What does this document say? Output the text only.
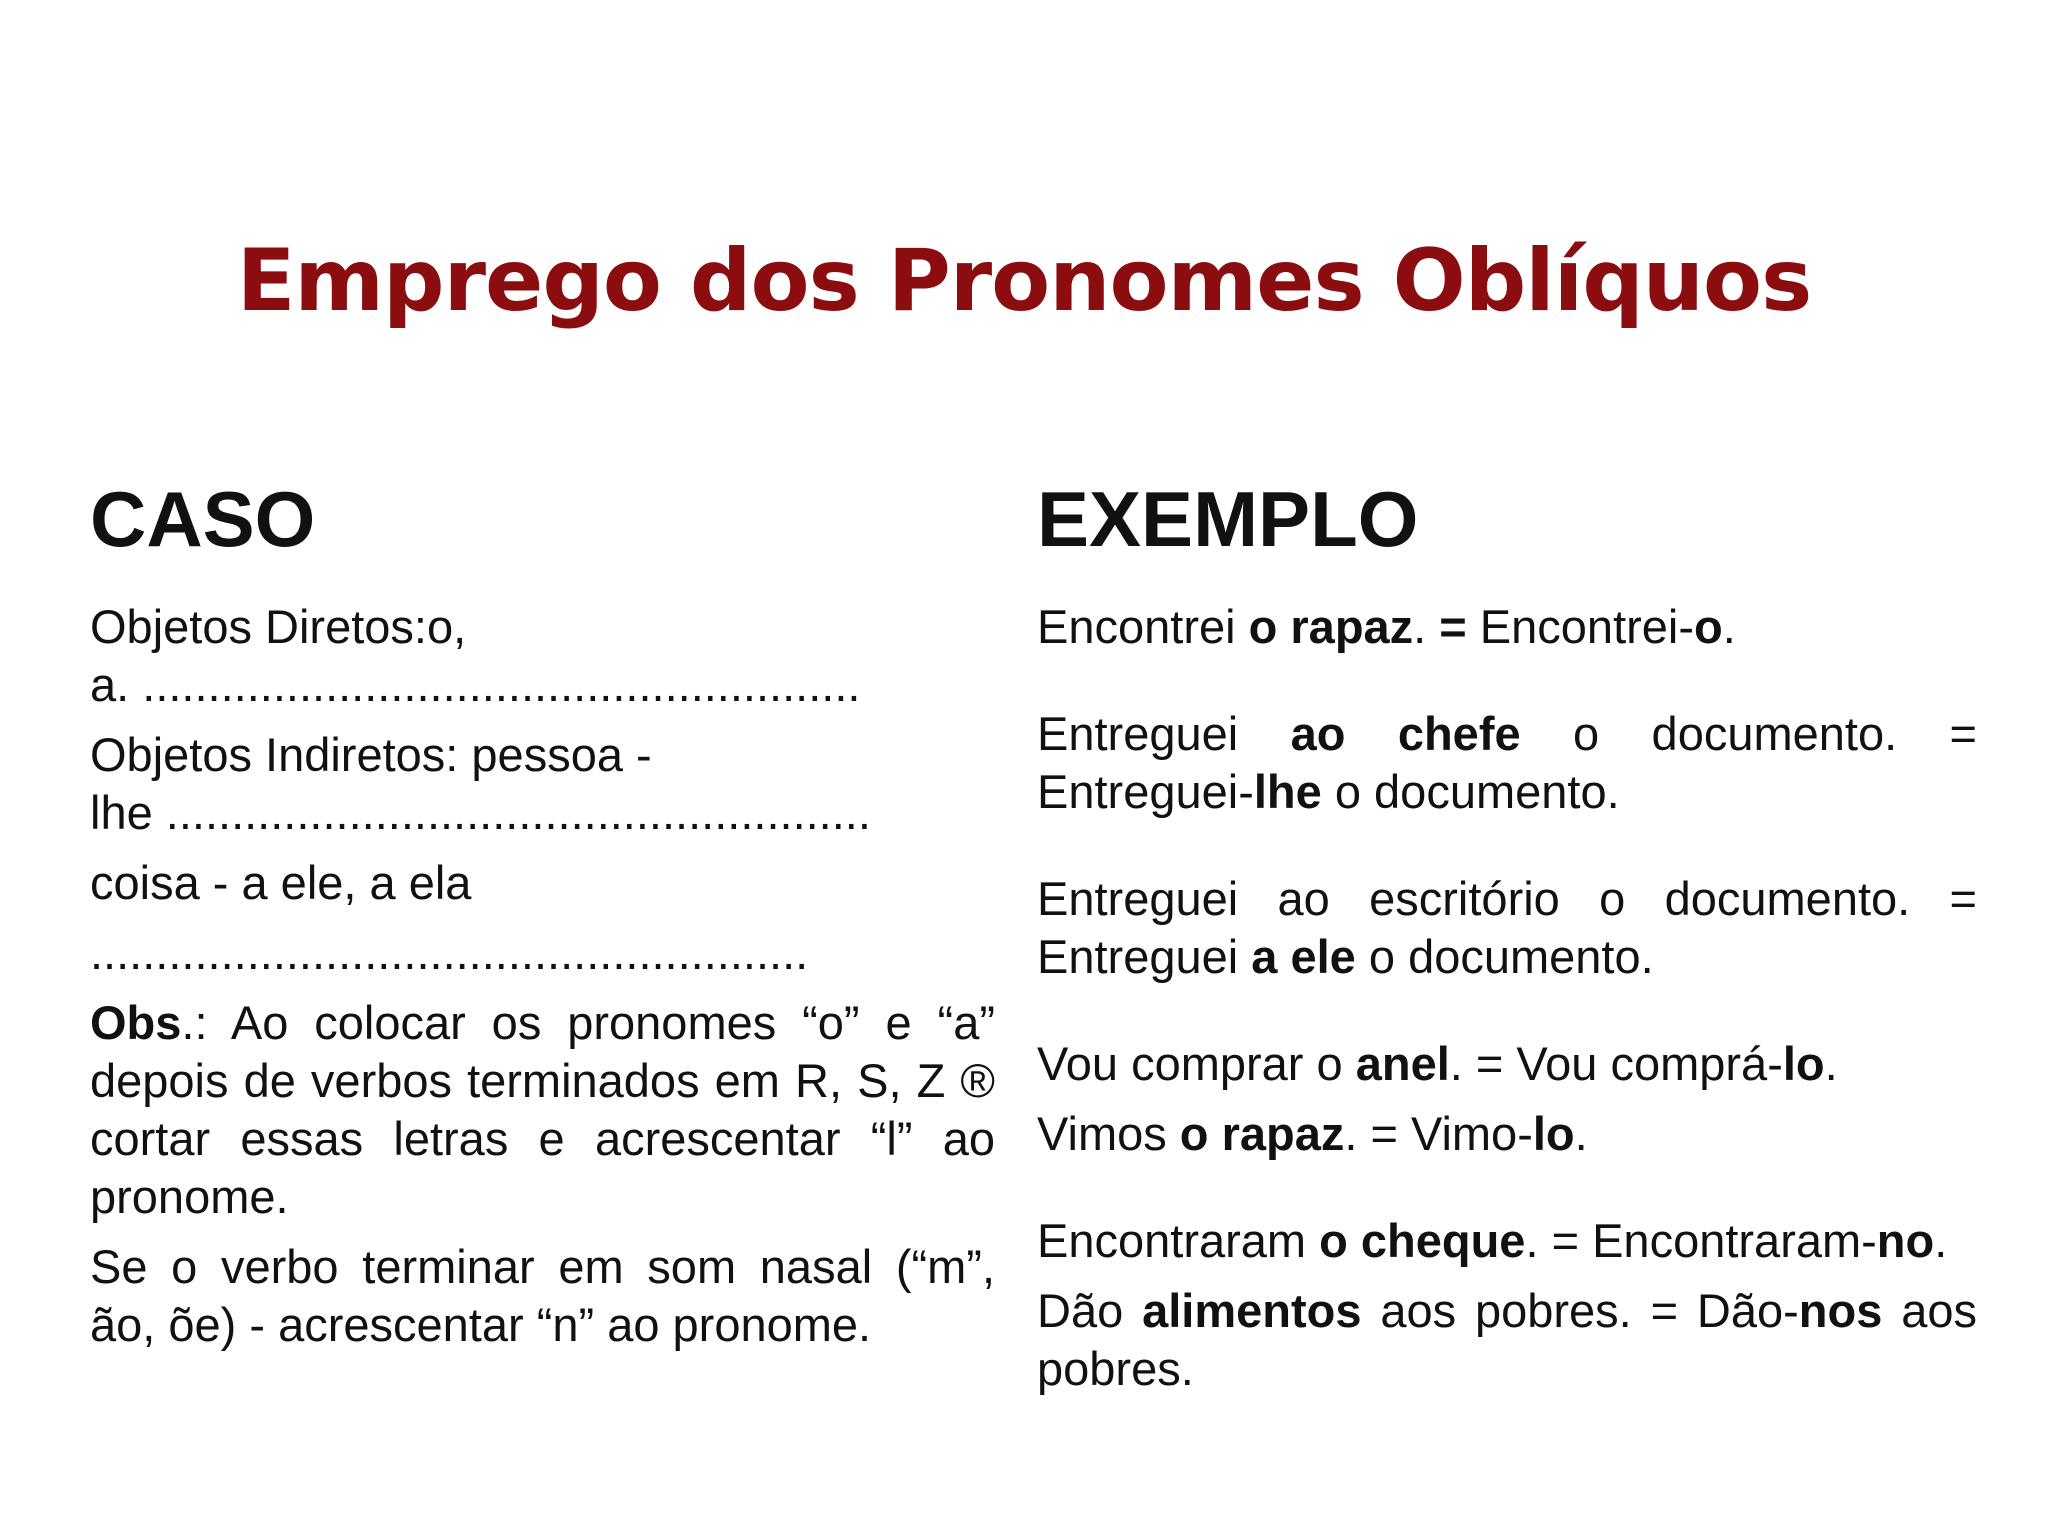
Emprego dos Pronomes Oblíquos
CASO
Objetos Diretos:o,
a. .......................................................
Objetos Indiretos: pessoa -
lhe ......................................................
coisa - a ele, a ela
.......................................................
Obs.: Ao colocar os pronomes “o” e “a” depois de verbos terminados em R, S, Z ® cortar essas letras e acrescentar “l” ao pronome.
Se o verbo terminar em som nasal (“m”, ão, õe) - acrescentar “n” ao pronome.
EXEMPLO
Encontrei o rapaz. = Encontrei-o.
Entreguei ao chefe o documento. = Entreguei-lhe o documento.
Entreguei ao escritório o documento. = Entreguei a ele o documento.
Vou comprar o anel. = Vou comprá-lo.
Vimos o rapaz. = Vimo-lo.
Encontraram o cheque. = Encontraram-no.
Dão alimentos aos pobres. = Dão-nos aos pobres.
